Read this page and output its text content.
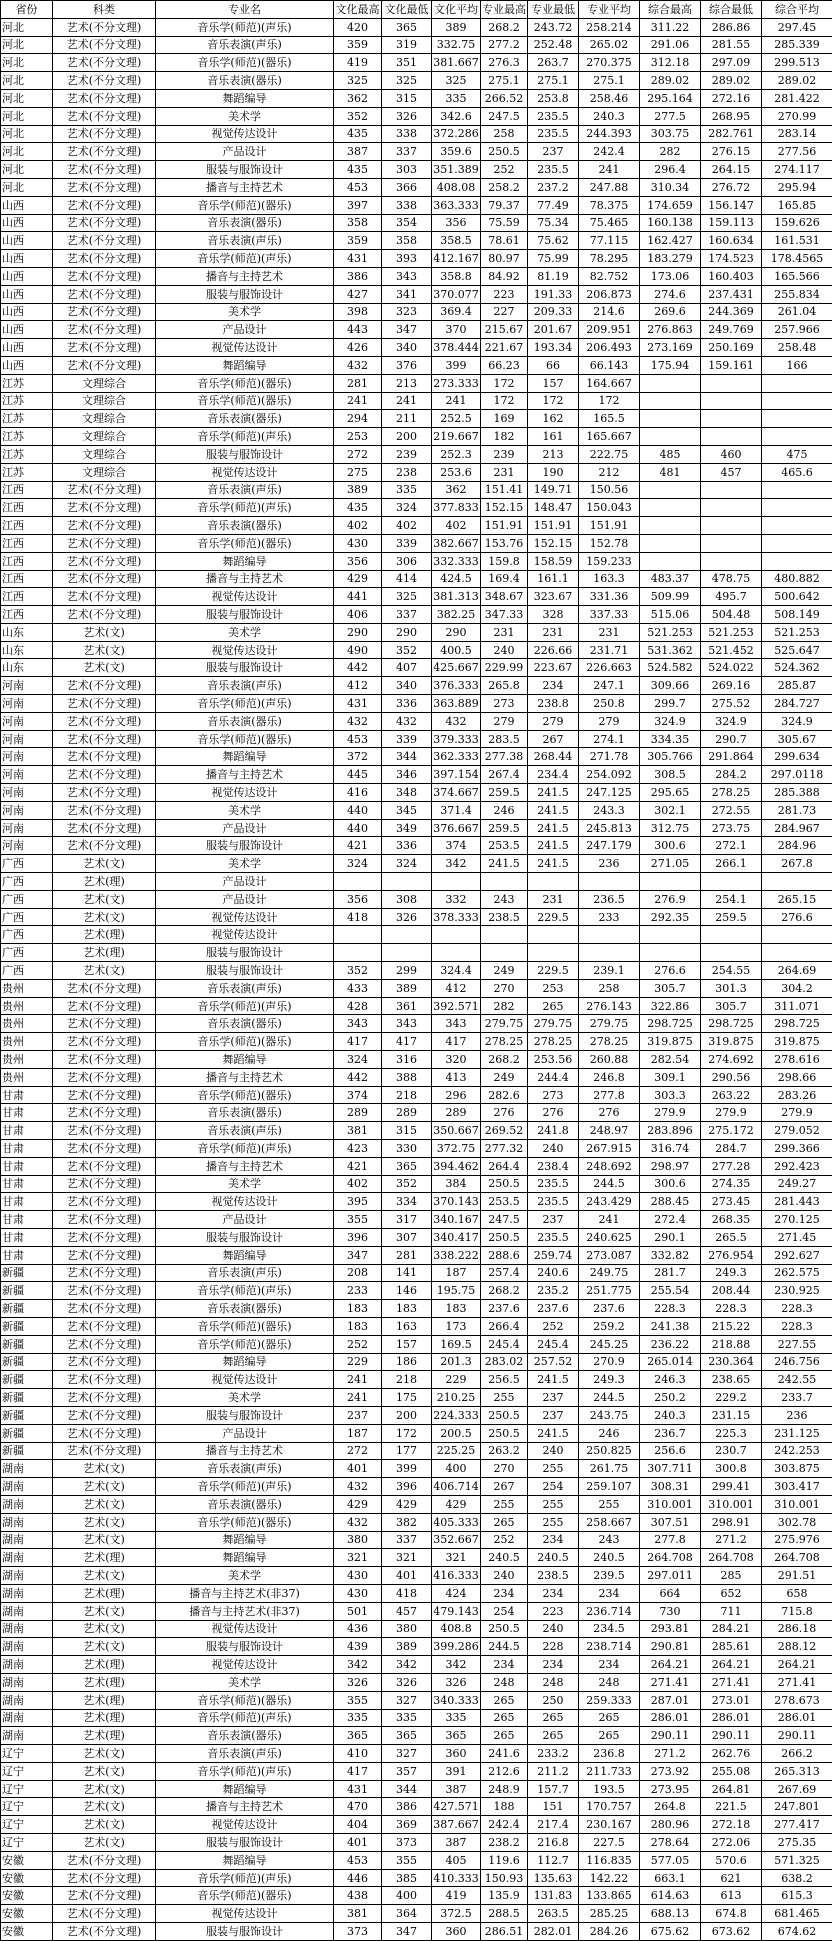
省份	科类	专业名	文化最高	文化最低	文化平均	专业最高	专业最低	专业平均	综合最高	综合最低	综合平均
河北	艺术(不分文理)	音乐学(师范)(声乐)	420	365	389	268.2	243.72	258.214	311.22	286.86	297.45
河北	艺术(不分文理)	音乐表演(声乐)	359	319	332.75	277.2	252.48	265.02	291.06	281.55	285.339
河北	艺术(不分文理)	音乐学(师范)(器乐)	419	351	381.667	276.3	263.7	270.375	312.18	297.09	299.513
河北	艺术(不分文理)	音乐表演(器乐)	325	325	325	275.1	275.1	275.1	289.02	289.02	289.02
河北	艺术(不分文理)	舞蹈编导	362	315	335	266.52	253.8	258.46	295.164	272.16	281.422
河北	艺术(不分文理)	美术学	352	326	342.6	247.5	235.5	240.3	277.5	268.95	270.99
河北	艺术(不分文理)	视觉传达设计	435	338	372.286	258	235.5	244.393	303.75	282.761	283.14
河北	艺术(不分文理)	产品设计	387	337	359.6	250.5	237	242.4	282	276.15	277.56
河北	艺术(不分文理)	服装与服饰设计	435	303	351.389	252	235.5	241	296.4	264.15	274.117
河北	艺术(不分文理)	播音与主持艺术	453	366	408.08	258.2	237.2	247.88	310.34	276.72	295.94
山西	艺术(不分文理)	音乐学(师范)(器乐)	397	338	363.333	79.37	77.49	78.375	174.659	156.147	165.85
山西	艺术(不分文理)	音乐表演(器乐)	358	354	356	75.59	75.34	75.465	160.138	159.113	159.626
山西	艺术(不分文理)	音乐表演(声乐)	359	358	358.5	78.61	75.62	77.115	162.427	160.634	161.531
山西	艺术(不分文理)	音乐学(师范)(声乐)	431	393	412.167	80.97	75.99	78.295	183.279	174.523	178.4565
山西	艺术(不分文理)	播音与主持艺术	386	343	358.8	84.92	81.19	82.752	173.06	160.403	165.566
山西	艺术(不分文理)	服装与服饰设计	427	341	370.077	223	191.33	206.873	274.6	237.431	255.834
山西	艺术(不分文理)	美术学	398	323	369.4	227	209.33	214.6	269.6	244.369	261.04
山西	艺术(不分文理)	产品设计	443	347	370	215.67	201.67	209.951	276.863	249.769	257.966
山西	艺术(不分文理)	视觉传达设计	426	340	378.444	221.67	193.34	206.493	273.169	250.169	258.48
山西	艺术(不分文理)	舞蹈编导	432	376	399	66.23	66	66.143	175.94	159.161	166
江苏	文理综合	音乐学(师范)(器乐)	281	213	273.333	172	157	164.667			
江苏	文理综合	音乐学(师范)(器乐)	241	241	241	172	172	172			
江苏	文理综合	音乐表演(器乐)	294	211	252.5	169	162	165.5			
江苏	文理综合	音乐学(师范)(声乐)	253	200	219.667	182	161	165.667			
江苏	文理综合	服装与服饰设计	272	239	252.3	239	213	222.75	485	460	475
江苏	文理综合	视觉传达设计	275	238	253.6	231	190	212	481	457	465.6
江西	艺术(不分文理)	音乐表演(声乐)	389	335	362	151.41	149.71	150.56			
江西	艺术(不分文理)	音乐学(师范)(声乐)	435	324	377.833	152.15	148.47	150.043			
江西	艺术(不分文理)	音乐表演(器乐)	402	402	402	151.91	151.91	151.91			
江西	艺术(不分文理)	音乐学(师范)(器乐)	430	339	382.667	153.76	152.15	152.78			
江西	艺术(不分文理)	舞蹈编导	356	306	332.333	159.8	158.59	159.233			
江西	艺术(不分文理)	播音与主持艺术	429	414	424.5	169.4	161.1	163.3	483.37	478.75	480.882
江西	艺术(不分文理)	视觉传达设计	441	325	381.313	348.67	323.67	331.36	509.99	495.7	500.642
江西	艺术(不分文理)	服装与服饰设计	406	337	382.25	347.33	328	337.33	515.06	504.48	508.149
山东	艺术(文)	美术学	290	290	290	231	231	231	521.253	521.253	521.253
山东	艺术(文)	视觉传达设计	490	352	400.5	240	226.66	231.71	531.362	521.452	525.647
山东	艺术(文)	服装与服饰设计	442	407	425.667	229.99	223.67	226.663	524.582	524.022	524.362
河南	艺术(不分文理)	音乐表演(声乐)	412	340	376.333	265.8	234	247.1	309.66	269.16	285.87
河南	艺术(不分文理)	音乐学(师范)(声乐)	431	336	363.889	273	238.8	250.8	299.7	275.52	284.727
河南	艺术(不分文理)	音乐表演(器乐)	432	432	432	279	279	279	324.9	324.9	324.9
河南	艺术(不分文理)	音乐学(师范)(器乐)	453	339	379.333	283.5	267	274.1	334.35	290.7	305.67
河南	艺术(不分文理)	舞蹈编导	372	344	362.333	277.38	268.44	271.78	305.766	291.864	299.634
河南	艺术(不分文理)	播音与主持艺术	445	346	397.154	267.4	234.4	254.092	308.5	284.2	297.0118
河南	艺术(不分文理)	视觉传达设计	416	348	374.667	259.5	241.5	247.125	295.65	278.25	285.388
河南	艺术(不分文理)	美术学	440	345	371.4	246	241.5	243.3	302.1	272.55	281.73
河南	艺术(不分文理)	产品设计	440	349	376.667	259.5	241.5	245.813	312.75	273.75	284.967
河南	艺术(不分文理)	服装与服饰设计	421	336	374	253.5	241.5	247.179	300.6	272.1	284.96
广西	艺术(文)	美术学	324	324	342	241.5	241.5	236	271.05	266.1	267.8
广西	艺术(理)	产品设计									
广西	艺术(文)	产品设计	356	308	332	243	231	236.5	276.9	254.1	265.15
广西	艺术(文)	视觉传达设计	418	326	378.333	238.5	229.5	233	292.35	259.5	276.6
广西	艺术(理)	视觉传达设计									
广西	艺术(理)	服装与服饰设计									
广西	艺术(文)	服装与服饰设计	352	299	324.4	249	229.5	239.1	276.6	254.55	264.69
贵州	艺术(不分文理)	音乐表演(声乐)	433	389	412	270	253	258	305.7	301.3	304.2
贵州	艺术(不分文理)	音乐学(师范)(声乐)	428	361	392.571	282	265	276.143	322.86	305.7	311.071
贵州	艺术(不分文理)	音乐表演(器乐)	343	343	343	279.75	279.75	279.75	298.725	298.725	298.725
贵州	艺术(不分文理)	音乐学(师范)(器乐)	417	417	417	278.25	278.25	278.25	319.875	319.875	319.875
贵州	艺术(不分文理)	舞蹈编导	324	316	320	268.2	253.56	260.88	282.54	274.692	278.616
贵州	艺术(不分文理)	播音与主持艺术	442	388	413	249	244.4	246.8	309.1	290.56	298.66
甘肃	艺术(不分文理)	音乐学(师范)(器乐)	374	218	296	282.6	273	277.8	303.3	263.22	283.26
甘肃	艺术(不分文理)	音乐表演(器乐)	289	289	289	276	276	276	279.9	279.9	279.9
甘肃	艺术(不分文理)	音乐表演(声乐)	381	315	350.667	269.52	241.8	248.97	283.896	275.172	279.052
甘肃	艺术(不分文理)	音乐学(师范)(声乐)	423	330	372.75	277.32	240	267.915	316.74	284.7	299.366
甘肃	艺术(不分文理)	播音与主持艺术	421	365	394.462	264.4	238.4	248.692	298.97	277.28	292.423
甘肃	艺术(不分文理)	美术学	402	352	384	250.5	235.5	244.5	300.6	274.35	249.27
甘肃	艺术(不分文理)	视觉传达设计	395	334	370.143	253.5	235.5	243.429	288.45	273.45	281.443
甘肃	艺术(不分文理)	产品设计	355	317	340.167	247.5	237	241	272.4	268.35	270.125
甘肃	艺术(不分文理)	服装与服饰设计	396	307	340.417	250.5	235.5	240.625	290.1	265.5	271.45
甘肃	艺术(不分文理)	舞蹈编导	347	281	338.222	288.6	259.74	273.087	332.82	276.954	292.627
新疆	艺术(不分文理)	音乐表演(声乐)	208	141	187	257.4	240.6	249.75	281.7	249.3	262.575
新疆	艺术(不分文理)	音乐学(师范)(声乐)	233	146	195.75	268.2	235.2	251.775	255.54	208.44	230.925
新疆	艺术(不分文理)	音乐表演(器乐)	183	183	183	237.6	237.6	237.6	228.3	228.3	228.3
新疆	艺术(不分文理)	音乐学(师范)(器乐)	183	163	173	266.4	252	259.2	241.38	215.22	228.3
新疆	艺术(不分文理)	音乐学(师范)(器乐)	252	157	169.5	245.4	245.4	245.25	236.22	218.88	227.55
新疆	艺术(不分文理)	舞蹈编导	229	186	201.3	283.02	257.52	270.9	265.014	230.364	246.756
新疆	艺术(不分文理)	视觉传达设计	241	218	229	256.5	241.5	249.3	246.3	238.65	242.55
新疆	艺术(不分文理)	美术学	241	175	210.25	255	237	244.5	250.2	229.2	233.7
新疆	艺术(不分文理)	服装与服饰设计	237	200	224.333	250.5	237	243.75	240.3	231.15	236
新疆	艺术(不分文理)	产品设计	187	172	200.5	250.5	241.5	246	236.7	225.3	231.125
新疆	艺术(不分文理)	播音与主持艺术	272	177	225.25	263.2	240	250.825	256.6	230.7	242.253
湖南	艺术(文)	音乐表演(声乐)	401	399	400	270	255	261.75	307.711	300.8	303.875
湖南	艺术(文)	音乐学(师范)(声乐)	432	396	406.714	267	254	259.107	308.31	299.41	303.417
湖南	艺术(文)	音乐表演(器乐)	429	429	429	255	255	255	310.001	310.001	310.001
湖南	艺术(文)	音乐学(师范)(器乐)	432	382	405.333	265	255	258.667	307.51	298.91	302.78
湖南	艺术(文)	舞蹈编导	380	337	352.667	252	234	243	277.8	271.2	275.976
湖南	艺术(理)	舞蹈编导	321	321	321	240.5	240.5	240.5	264.708	264.708	264.708
湖南	艺术(文)	美术学	430	401	416.333	240	238.5	239.5	297.011	285	291.51
湖南	艺术(理)	播音与主持艺术(非37)	430	418	424	234	234	234	664	652	658
湖南	艺术(文)	播音与主持艺术(非37)	501	457	479.143	254	223	236.714	730	711	715.8
湖南	艺术(文)	视觉传达设计	436	380	408.8	250.5	240	234.5	293.81	284.21	286.18
湖南	艺术(文)	服装与服饰设计	439	389	399.286	244.5	228	238.714	290.81	285.61	288.12
湖南	艺术(理)	视觉传达设计	342	342	342	234	234	234	264.21	264.21	264.21
湖南	艺术(理)	美术学	326	326	326	248	248	248	271.41	271.41	271.41
湖南	艺术(理)	音乐学(师范)(器乐)	355	327	340.333	265	250	259.333	287.01	273.01	278.673
湖南	艺术(理)	音乐学(师范)(声乐)	335	335	335	265	265	265	286.01	286.01	286.01
湖南	艺术(理)	音乐表演(器乐)	365	365	365	265	265	265	290.11	290.11	290.11
辽宁	艺术(文)	音乐表演(声乐)	410	327	360	241.6	233.2	236.8	271.2	262.76	266.2
辽宁	艺术(文)	音乐学(师范)(声乐)	417	357	391	212.6	211.2	211.733	273.92	255.08	265.313
辽宁	艺术(文)	舞蹈编导	431	344	387	248.9	157.7	193.5	273.95	264.81	267.69
辽宁	艺术(文)	播音与主持艺术	470	386	427.571	188	151	170.757	264.8	221.5	247.801
辽宁	艺术(文)	视觉传达设计	404	369	387.667	242.4	217.4	230.167	280.96	272.18	277.417
辽宁	艺术(文)	服装与服饰设计	401	373	387	238.2	216.8	227.5	278.64	272.06	275.35
安徽	艺术(不分文理)	舞蹈编导	453	355	405	119.6	112.7	116.835	577.05	570.6	571.325
安徽	艺术(不分文理)	音乐学(师范)(声乐)	446	385	410.333	150.93	135.63	142.22	663.1	621	638.2
安徽	艺术(不分文理)	音乐学(师范)(器乐)	438	400	419	135.9	131.83	133.865	614.63	613	615.3
安徽	艺术(不分文理)	视觉传达设计	381	364	372.5	288.5	263.5	285.25	688.13	674.8	681.465
安徽	艺术(不分文理)	服装与服饰设计	373	347	360	286.51	282.01	284.26	675.62	673.62	674.62
